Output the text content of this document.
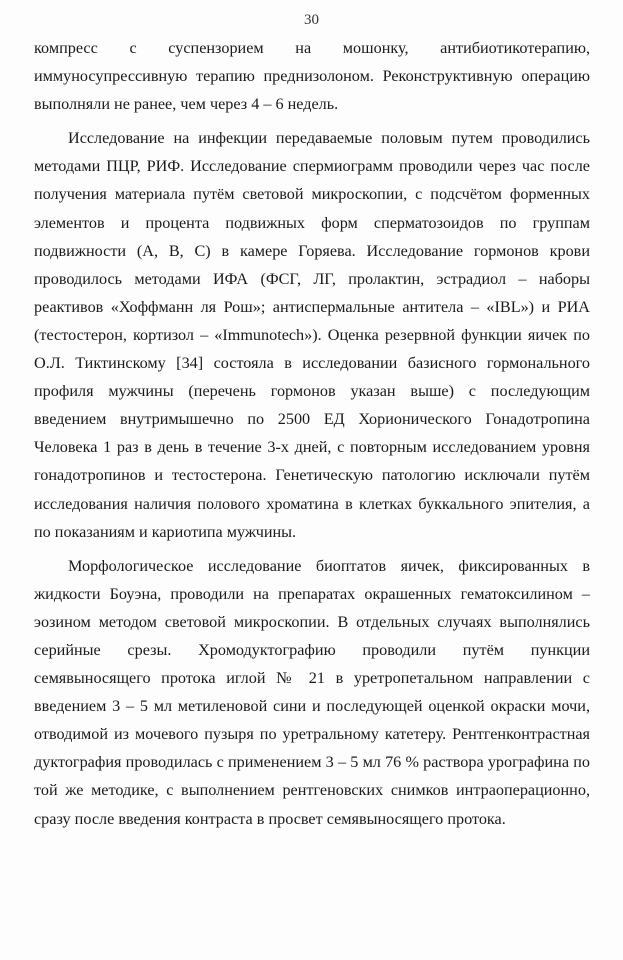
30

компресс с суспензорием на мошонку, антибиотикотерапию, иммуносупрессивную терапию преднизолоном. Реконструктивную операцию выполняли не ранее, чем через 4 – 6 недель.

Исследование на инфекции передаваемые половым путем проводились методами ПЦР, РИФ. Исследование спермиограмм проводили через час после получения материала путём световой микроскопии, с подсчётом форменных элементов и процента подвижных форм сперматозоидов по группам подвижности (А, В, С) в камере Горяева. Исследование гормонов крови проводилось методами ИФА (ФСГ, ЛГ, пролактин, эстрадиол – наборы реактивов «Хоффманн ля Рош»; антиспермальные антитела – «IBL») и РИА (тестостерон, кортизол – «Immunotech»). Оценка резервной функции яичек по О.Л. Тиктинскому [34] состояла в исследовании базисного гормонального профиля мужчины (перечень гормонов указан выше) с последующим введением внутримышечно по 2500 ЕД Хорионического Гонадотропина Человека 1 раз в день в течение 3-х дней, с повторным исследованием уровня гонадотропинов и тестостерона. Генетическую патологию исключали путём исследования наличия полового хроматина в клетках буккального эпителия, а по показаниям и кариотипа мужчины.

Морфологическое исследование биоптатов яичек, фиксированных в жидкости Боуэна, проводили на препаратах окрашенных гематоксилином – эозином методом световой микроскопии. В отдельных случаях выполнялись серийные срезы. Хромодуктографию проводили путём пункции семявыносящего протока иглой № 21 в уретропетальном направлении с введением 3 – 5 мл метиленовой сини и последующей оценкой окраски мочи, отводимой из мочевого пузыря по уретральному катетеру. Рентгенконтрастная дуктография проводилась с применением 3 – 5 мл 76 % раствора урографина по той же методике, с выполнением рентгеновских снимков интраоперационно, сразу после введения контраста в просвет семявыносящего протока.
